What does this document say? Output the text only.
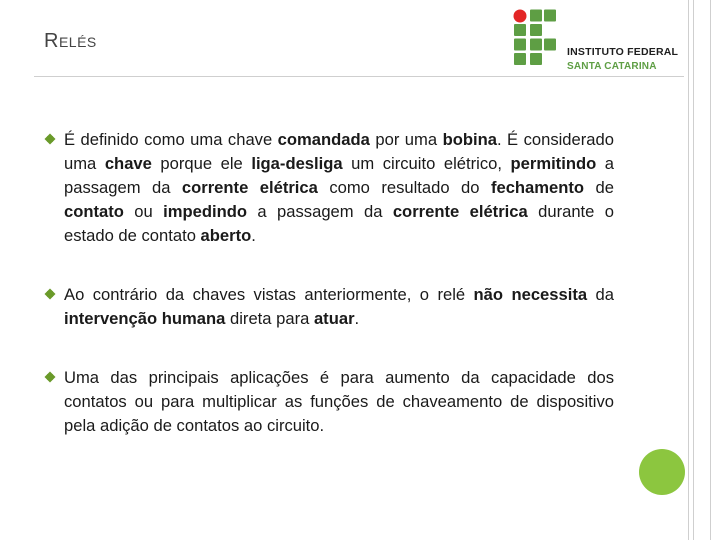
Relés	INSTITUTO FEDERAL
SANTA CATARINA
É definido como uma chave comandada por uma bobina. É considerado uma chave porque ele liga-desliga um circuito elétrico, permitindo a passagem da corrente elétrica como resultado do fechamento de contato ou impedindo a passagem da corrente elétrica durante o estado de contato aberto.
Ao contrário da chaves vistas anteriormente, o relé não necessita da intervenção humana direta para atuar.
Uma das principais aplicações é para aumento da capacidade dos contatos ou para multiplicar as funções de chaveamento de dispositivo pela adição de contatos ao circuito.
